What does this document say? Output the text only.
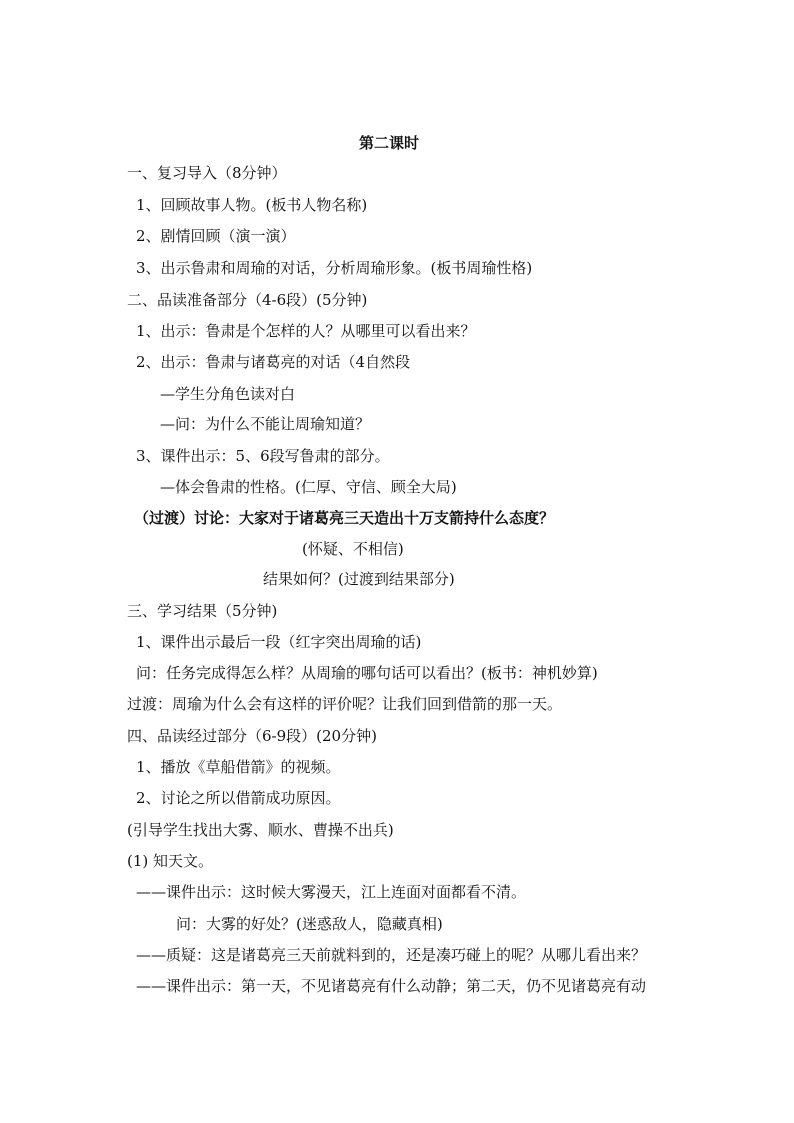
第二课时
一、复习导入（8分钟）
1、回顾故事人物。(板书人物名称)
2、剧情回顾（演一演）
3、出示鲁肃和周瑜的对话，分析周瑜形象。(板书周瑜性格)
二、品读准备部分（4-6段）(5分钟)
1、出示：鲁肃是个怎样的人？从哪里可以看出来？
2、出示：鲁肃与诸葛亮的对话（4自然段
—学生分角色读对白
—问：为什么不能让周瑜知道？
3、课件出示：5、6段写鲁肃的部分。
—体会鲁肃的性格。(仁厚、守信、顾全大局)
（过渡）讨论：大家对于诸葛亮三天造出十万支箭持什么态度？
(怀疑、不相信)
结果如何？(过渡到结果部分)
三、学习结果（5分钟)
1、课件出示最后一段（红字突出周瑜的话)
问：任务完成得怎么样？从周瑜的哪句话可以看出？(板书：神机妙算)
过渡：周瑜为什么会有这样的评价呢？让我们回到借箭的那一天。
四、品读经过部分（6-9段）(20分钟)
1、播放《草船借箭》的视频。
2、讨论之所以借箭成功原因。
(引导学生找出大雾、顺水、曹操不出兵)
(1) 知天文。
——课件出示：这时候大雾漫天，江上连面对面都看不清。
问：大雾的好处？(迷惑敌人，隐藏真相)
——质疑：这是诸葛亮三天前就料到的，还是凑巧碰上的呢？从哪儿看出来？
——课件出示：第一天，不见诸葛亮有什么动静；第二天，仍不见诸葛亮有动
